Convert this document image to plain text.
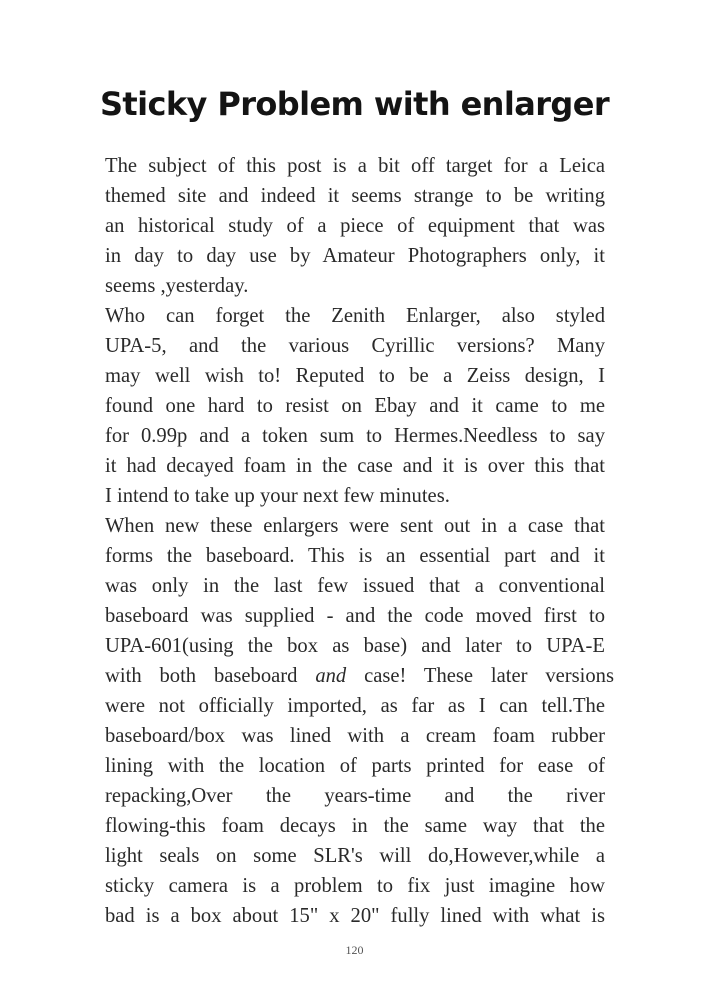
Sticky Problem with enlarger
The subject of this post is a bit off target for a Leica
themed site and indeed it seems strange to be writing
an historical study of a piece of equipment that was
in day to day use by Amateur Photographers only, it
seems ,yesterday.
Who can forget the Zenith Enlarger, also styled
UPA-5, and the various Cyrillic versions? Many
may well wish to! Reputed to be a Zeiss design, I
found one hard to resist on Ebay and it came to me
for 0.99p and a token sum to Hermes.Needless to say
it had decayed foam in the case and it is over this that
I intend to take up your next few minutes.
When new these enlargers were sent out in a case that
forms the baseboard. This is an essential part and it
was only in the last few issued that a conventional
baseboard was supplied - and the code moved first to
UPA-601(using the box as base) and later to UPA-E
with both baseboard and case! These later versions
were not officially imported, as far as I can tell.The
baseboard/box was lined with a cream foam rubber
lining with the location of parts printed for ease of
repacking,Over the years-time and the river
flowing-this foam decays in the same way that the
light seals on some SLR's will do,However,while a
sticky camera is a problem to fix just imagine how
bad is a box about 15" x 20" fully lined with what is
120
